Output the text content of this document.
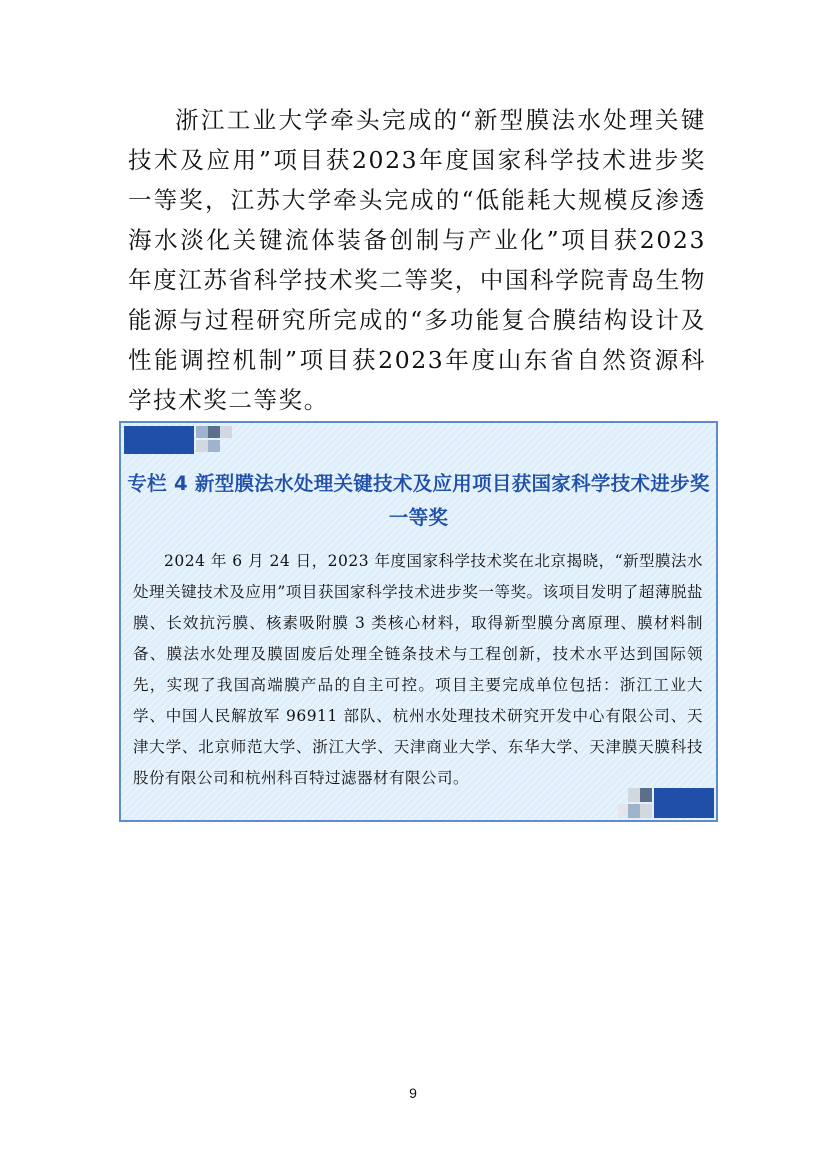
浙江工业大学牵头完成的“新型膜法水处理关键技术及应用”项目获2023年度国家科学技术进步奖一等奖，江苏大学牵头完成的“低能耗大规模反渗透海水淡化关键流体装备创制与产业化”项目获2023年度江苏省科学技术奖二等奖，中国科学院青岛生物能源与过程研究所完成的“多功能复合膜结构设计及性能调控机制”项目获2023年度山东省自然资源科学技术奖二等奖。

专栏 4 新型膜法水处理关键技术及应用项目获国家科学技术进步奖一等奖

2024 年 6 月 24 日，2023 年度国家科学技术奖在北京揭晓，“新型膜法水处理关键技术及应用”项目获国家科学技术进步奖一等奖。该项目发明了超薄脱盐膜、长效抗污膜、核素吸附膜 3 类核心材料，取得新型膜分离原理、膜材料制备、膜法水处理及膜固废后处理全链条技术与工程创新，技术水平达到国际领先，实现了我国高端膜产品的自主可控。项目主要完成单位包括：浙江工业大学、中国人民解放军 96911 部队、杭州水处理技术研究开发中心有限公司、天津大学、北京师范大学、浙江大学、天津商业大学、东华大学、天津膜天膜科技股份有限公司和杭州科百特过滤器材有限公司。

9
